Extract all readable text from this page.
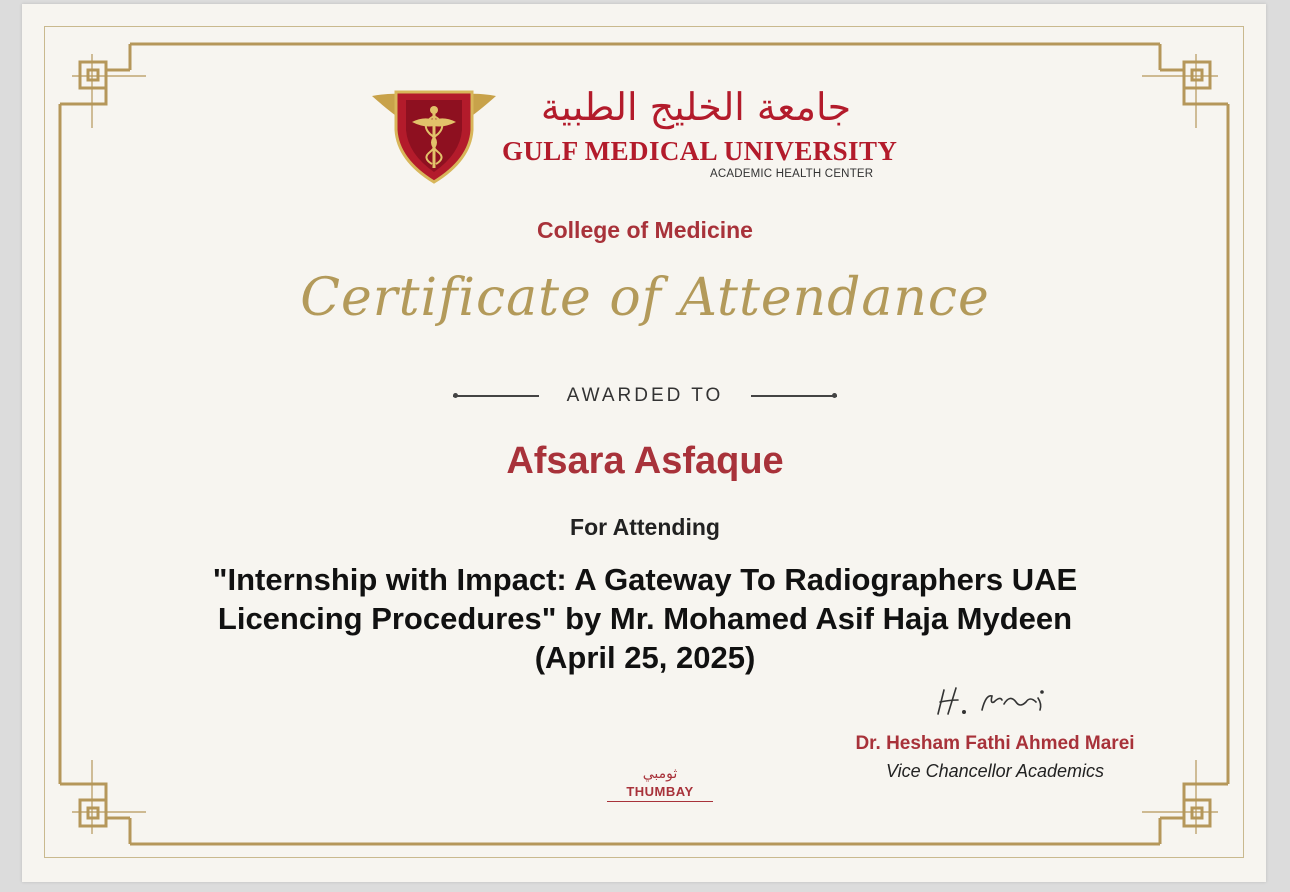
جامعة الخليج الطبية
GULF MEDICAL UNIVERSITY
ACADEMIC HEALTH CENTER
College of Medicine
Certificate of Attendance
AWARDED TO
Afsara Asfaque
For Attending
"Internship with Impact: A Gateway To Radiographers UAE
Licencing Procedures" by Mr. Mohamed Asif Haja Mydeen
(April 25, 2025)
Dr. Hesham Fathi Ahmed Marei
Vice Chancellor Academics
ثومبي
THUMBAY
